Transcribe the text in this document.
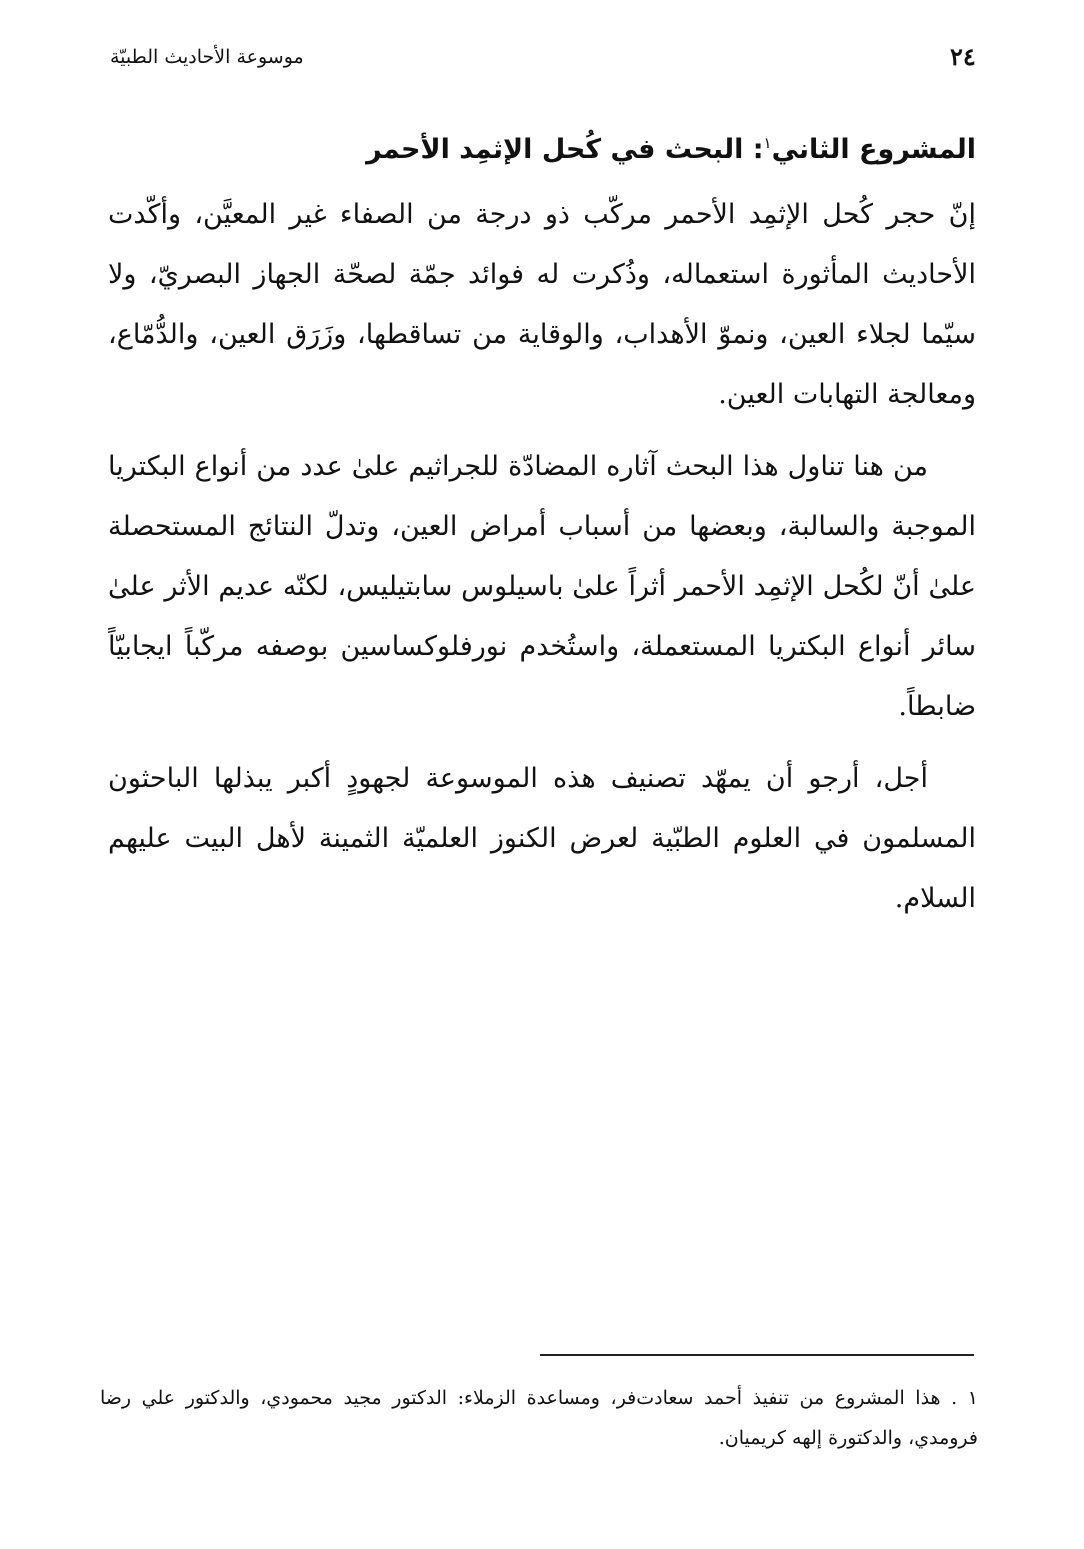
٢٤
موسوعة الأحاديث الطبيّة
المشروع الثاني$^١$: البحث في كُحل الإثمِد الأحمر

إنّ حجر كُحل الإثمِد الأحمر مركّب ذو درجة من الصفاء غير المعيَّن، وأكّدت الأحاديث المأثورة استعماله، وذُكرت له فوائد جمّة لصحّة الجهاز البصريّ، ولا سيّما لجلاء العين، ونموّ الأهداب، والوقاية من تساقطها، وزَرَق العين، والدُّمّاع، ومعالجة التهابات العين.

من هنا تناول هذا البحث آثاره المضادّة للجراثيم علىٰ عدد من أنواع البكتريا الموجبة والسالبة، وبعضها من أسباب أمراض العين، وتدلّ النتائج المستحصلة علىٰ أنّ لكُحل الإثمِد الأحمر أثراً علىٰ باسيلوس سابتيليس، لكنّه عديم الأثر علىٰ سائر أنواع البكتريا المستعملة، واستُخدم نورفلوكساسين بوصفه مركّباً ايجابيّاً ضابطاً.

أجل، أرجو أن يمهّد تصنيف هذه الموسوعة لجهودٍ أكبر يبذلها الباحثون المسلمون في العلوم الطبّية لعرض الكنوز العلميّة الثمينة لأهل البيت عليهم السلام.

١ . هذا المشروع من تنفيذ أحمد سعادت‌فر، ومساعدة الزملاء: الدكتور مجيد محمودي، والدكتور علي رضا فرومدي، والدكتورة إلهه كريميان.
